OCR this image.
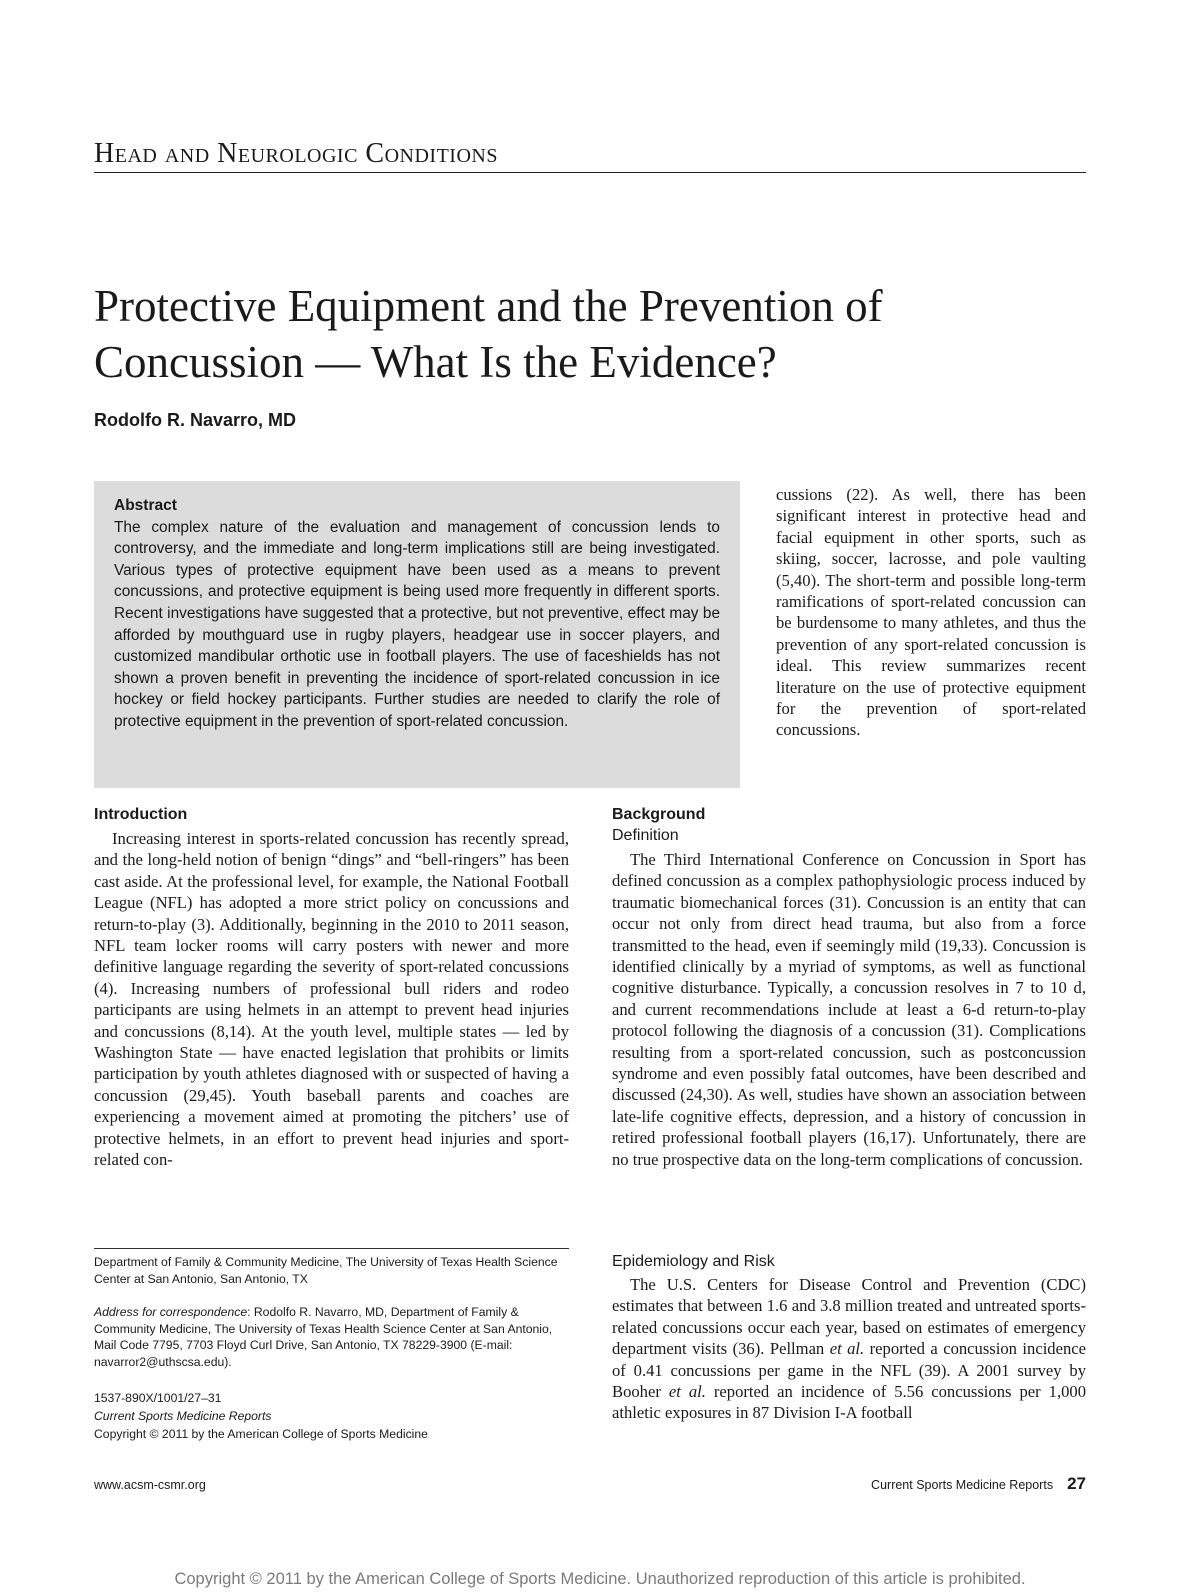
Head and Neurologic Conditions
Protective Equipment and the Prevention of
Concussion — What Is the Evidence?
Rodolfo R. Navarro, MD
Abstract
The complex nature of the evaluation and management of concussion lends to controversy, and the immediate and long-term implications still are being investigated. Various types of protective equipment have been used as a means to prevent concussions, and protective equipment is being used more frequently in different sports. Recent investigations have suggested that a protective, but not preventive, effect may be afforded by mouthguard use in rugby players, headgear use in soccer players, and customized mandibular orthotic use in football players. The use of faceshields has not shown a proven benefit in preventing the incidence of sport-related concussion in ice hockey or field hockey participants. Further studies are needed to clarify the role of protective equipment in the prevention of sport-related concussion.
cussions (22). As well, there has been significant interest in protective head and facial equipment in other sports, such as skiing, soccer, lacrosse, and pole vaulting (5,40). The short-term and possible long-term ramifications of sport-related concussion can be burdensome to many athletes, and thus the prevention of any sport-related concussion is ideal. This review summarizes recent literature on the use of protective equipment for the prevention of sport-related concussions.
Introduction

Increasing interest in sports-related concussion has recently spread, and the long-held notion of benign “dings” and “bell-ringers” has been cast aside. At the professional level, for example, the National Football League (NFL) has adopted a more strict policy on concussions and return-to-play (3). Additionally, beginning in the 2010 to 2011 season, NFL team locker rooms will carry posters with newer and more definitive language regarding the severity of sport-related concussions (4). Increasing numbers of professional bull riders and rodeo participants are using helmets in an attempt to prevent head injuries and concussions (8,14). At the youth level, multiple states — led by Washington State — have enacted legislation that prohibits or limits participation by youth athletes diagnosed with or suspected of having a concussion (29,45). Youth baseball parents and coaches are experiencing a movement aimed at promoting the pitchers’ use of protective helmets, in an effort to prevent head injuries and sport-related con-

Background
Definition

The Third International Conference on Concussion in Sport has defined concussion as a complex pathophysiologic process induced by traumatic biomechanical forces (31). Concussion is an entity that can occur not only from direct head trauma, but also from a force transmitted to the head, even if seemingly mild (19,33). Concussion is identified clinically by a myriad of symptoms, as well as functional cognitive disturbance. Typically, a concussion resolves in 7 to 10 d, and current recommendations include at least a 6-d return-to-play protocol following the diagnosis of a concussion (31). Complications resulting from a sport-related concussion, such as postconcussion syndrome and even possibly fatal outcomes, have been described and discussed (24,30). As well, studies have shown an association between late-life cognitive effects, depression, and a history of concussion in retired professional football players (16,17). Unfortunately, there are no true prospective data on the long-term complications of concussion.

Epidemiology and Risk

The U.S. Centers for Disease Control and Prevention (CDC) estimates that between 1.6 and 3.8 million treated and untreated sports-related concussions occur each year, based on estimates of emergency department visits (36). Pellman et al. reported a concussion incidence of 0.41 concussions per game in the NFL (39). A 2001 survey by Booher et al. reported an incidence of 5.56 concussions per 1,000 athletic exposures in 87 Division I-A football

Department of Family & Community Medicine, The University of Texas Health Science Center at San Antonio, San Antonio, TX
Address for correspondence: Rodolfo R. Navarro, MD, Department of Family & Community Medicine, The University of Texas Health Science Center at San Antonio, Mail Code 7795, 7703 Floyd Curl Drive, San Antonio, TX 78229-3900 (E-mail: navarror2@uthscsa.edu).
1537-890X/1001/27–31
Current Sports Medicine Reports
Copyright © 2011 by the American College of Sports Medicine
www.acsm-csmr.org	Current Sports Medicine Reports 27
Copyright © 2011 by the American College of Sports Medicine. Unauthorized reproduction of this article is prohibited.
